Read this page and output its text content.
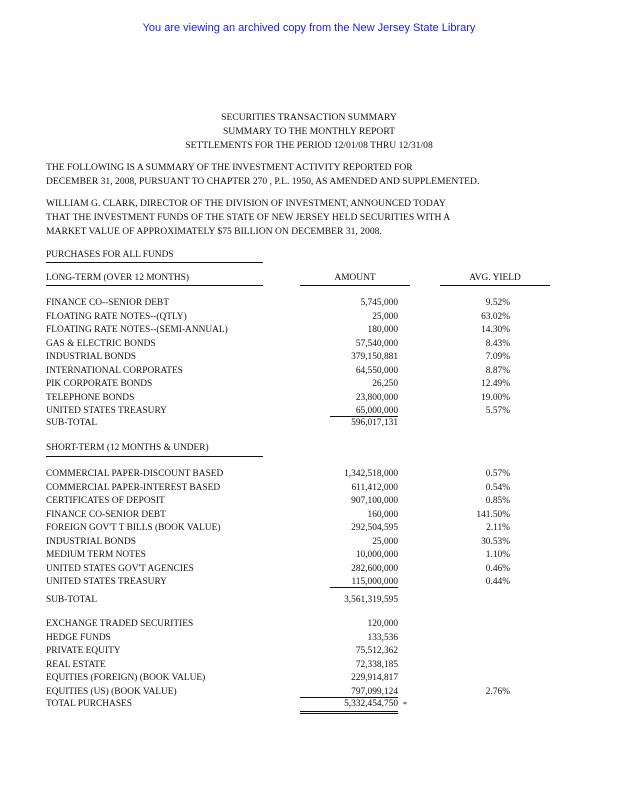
You are viewing an archived copy from the New Jersey State Library
SECURITIES TRANSACTION SUMMARY
SUMMARY TO THE MONTHLY REPORT
SETTLEMENTS FOR THE PERIOD 12/01/08 THRU 12/31/08
THE FOLLOWING IS A SUMMARY OF THE INVESTMENT ACTIVITY REPORTED FOR
DECEMBER 31, 2008, PURSUANT TO CHAPTER 270 , P.L. 1950, AS AMENDED AND SUPPLEMENTED.
WILLIAM G. CLARK, DIRECTOR OF THE DIVISION OF INVESTMENT, ANNOUNCED TODAY
THAT THE INVESTMENT FUNDS OF THE STATE OF NEW JERSEY HELD SECURITIES WITH A
MARKET VALUE OF APPROXIMATELY $75 BILLION ON DECEMBER 31, 2008.
PURCHASES FOR ALL FUNDS
LONG-TERM (OVER 12 MONTHS)	AMOUNT	AVG. YIELD
FINANCE CO--SENIOR DEBT	5,745,000	9.52%
FLOATING RATE NOTES--(QTLY)	25,000	63.02%
FLOATING RATE NOTES--(SEMI-ANNUAL)	180,000	14.30%
GAS & ELECTRIC BONDS	57,540,000	8.43%
INDUSTRIAL BONDS	379,150,881	7.09%
INTERNATIONAL CORPORATES	64,550,000	8.87%
PIK CORPORATE BONDS	26,250	12.49%
TELEPHONE BONDS	23,800,000	19.00%
UNITED STATES TREASURY	65,000,000	5.57%
SUB-TOTAL	596,017,131
SHORT-TERM (12 MONTHS & UNDER)
COMMERCIAL PAPER-DISCOUNT BASED	1,342,518,000	0.57%
COMMERCIAL PAPER-INTEREST BASED	611,412,000	0.54%
CERTIFICATES OF DEPOSIT	907,100,000	0.85%
FINANCE CO-SENIOR DEBT	160,000	141.50%
FOREIGN GOV'T T BILLS (BOOK VALUE)	292,504,595	2.11%
INDUSTRIAL BONDS	25,000	30.53%
MEDIUM TERM NOTES	10,000,000	1.10%
UNITED STATES GOV'T AGENCIES	282,600,000	0.46%
UNITED STATES TREASURY	115,000,000	0.44%
SUB-TOTAL	3,561,319,595
EXCHANGE TRADED SECURITIES	120,000
HEDGE FUNDS	133,536
PRIVATE EQUITY	75,512,362
REAL ESTATE	72,338,185
EQUITIES (FOREIGN) (BOOK VALUE)	229,914,817
EQUITIES (US) (BOOK VALUE)	797,099,124	2.76%
TOTAL PURCHASES	5,332,454,750 *
